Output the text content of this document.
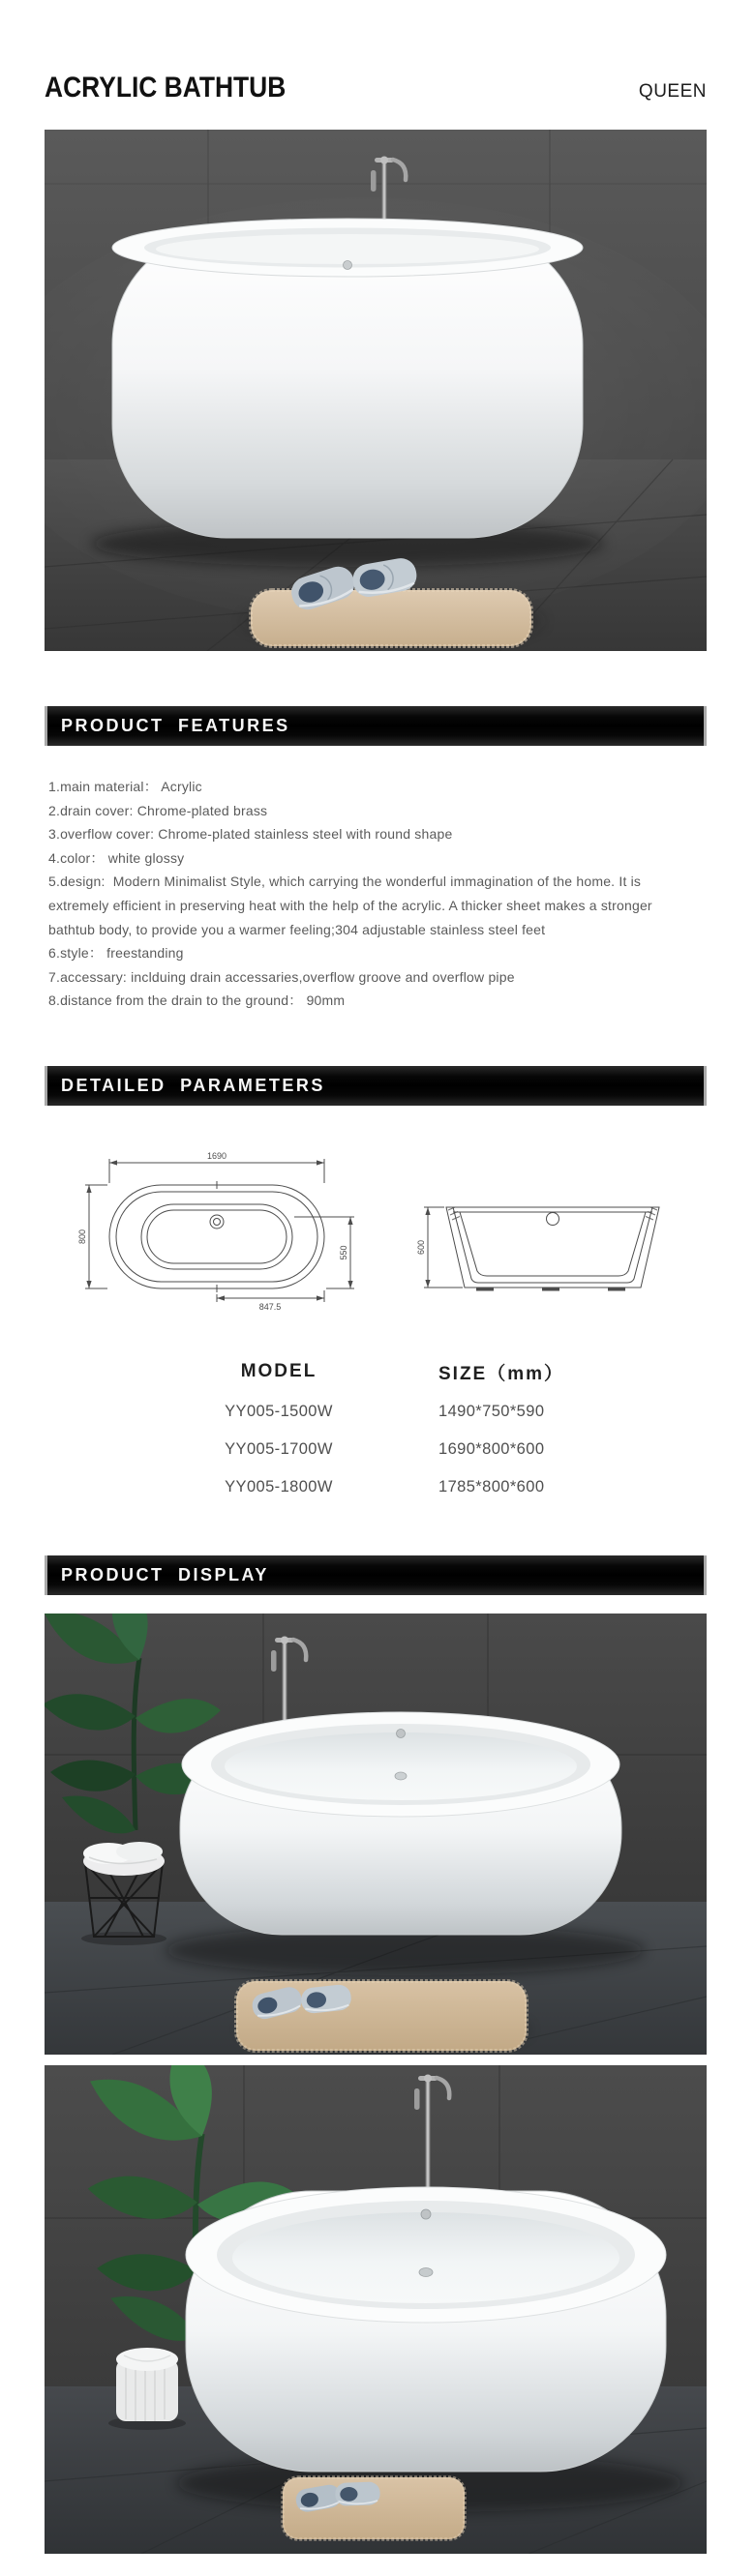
ACRYLIC BATHTUB	QUEEN
PRODUCT FEATURES
1.main material： Acrylic
2.drain cover: Chrome-plated brass
3.overflow cover: Chrome-plated stainless steel with round shape
4.color： white glossy
5.design:  Modern Minimalist Style, which carrying the wonderful immagination of the home. It is extremely efficient in preserving heat with the help of the acrylic. A thicker sheet makes a stronger bathtub body, to provide you a warmer feeling;304 adjustable stainless steel feet
6.style： freestanding
7.accessary: inclduing drain accessaries,overflow groove and overflow pipe
8.distance from the drain to the ground： 90mm
DETAILED PARAMETERS
1690
800
550
847.5
600
MODEL	SIZE（mm）
YY005-1500W	1490*750*590
YY005-1700W	1690*800*600
YY005-1800W	1785*800*600
PRODUCT DISPLAY
